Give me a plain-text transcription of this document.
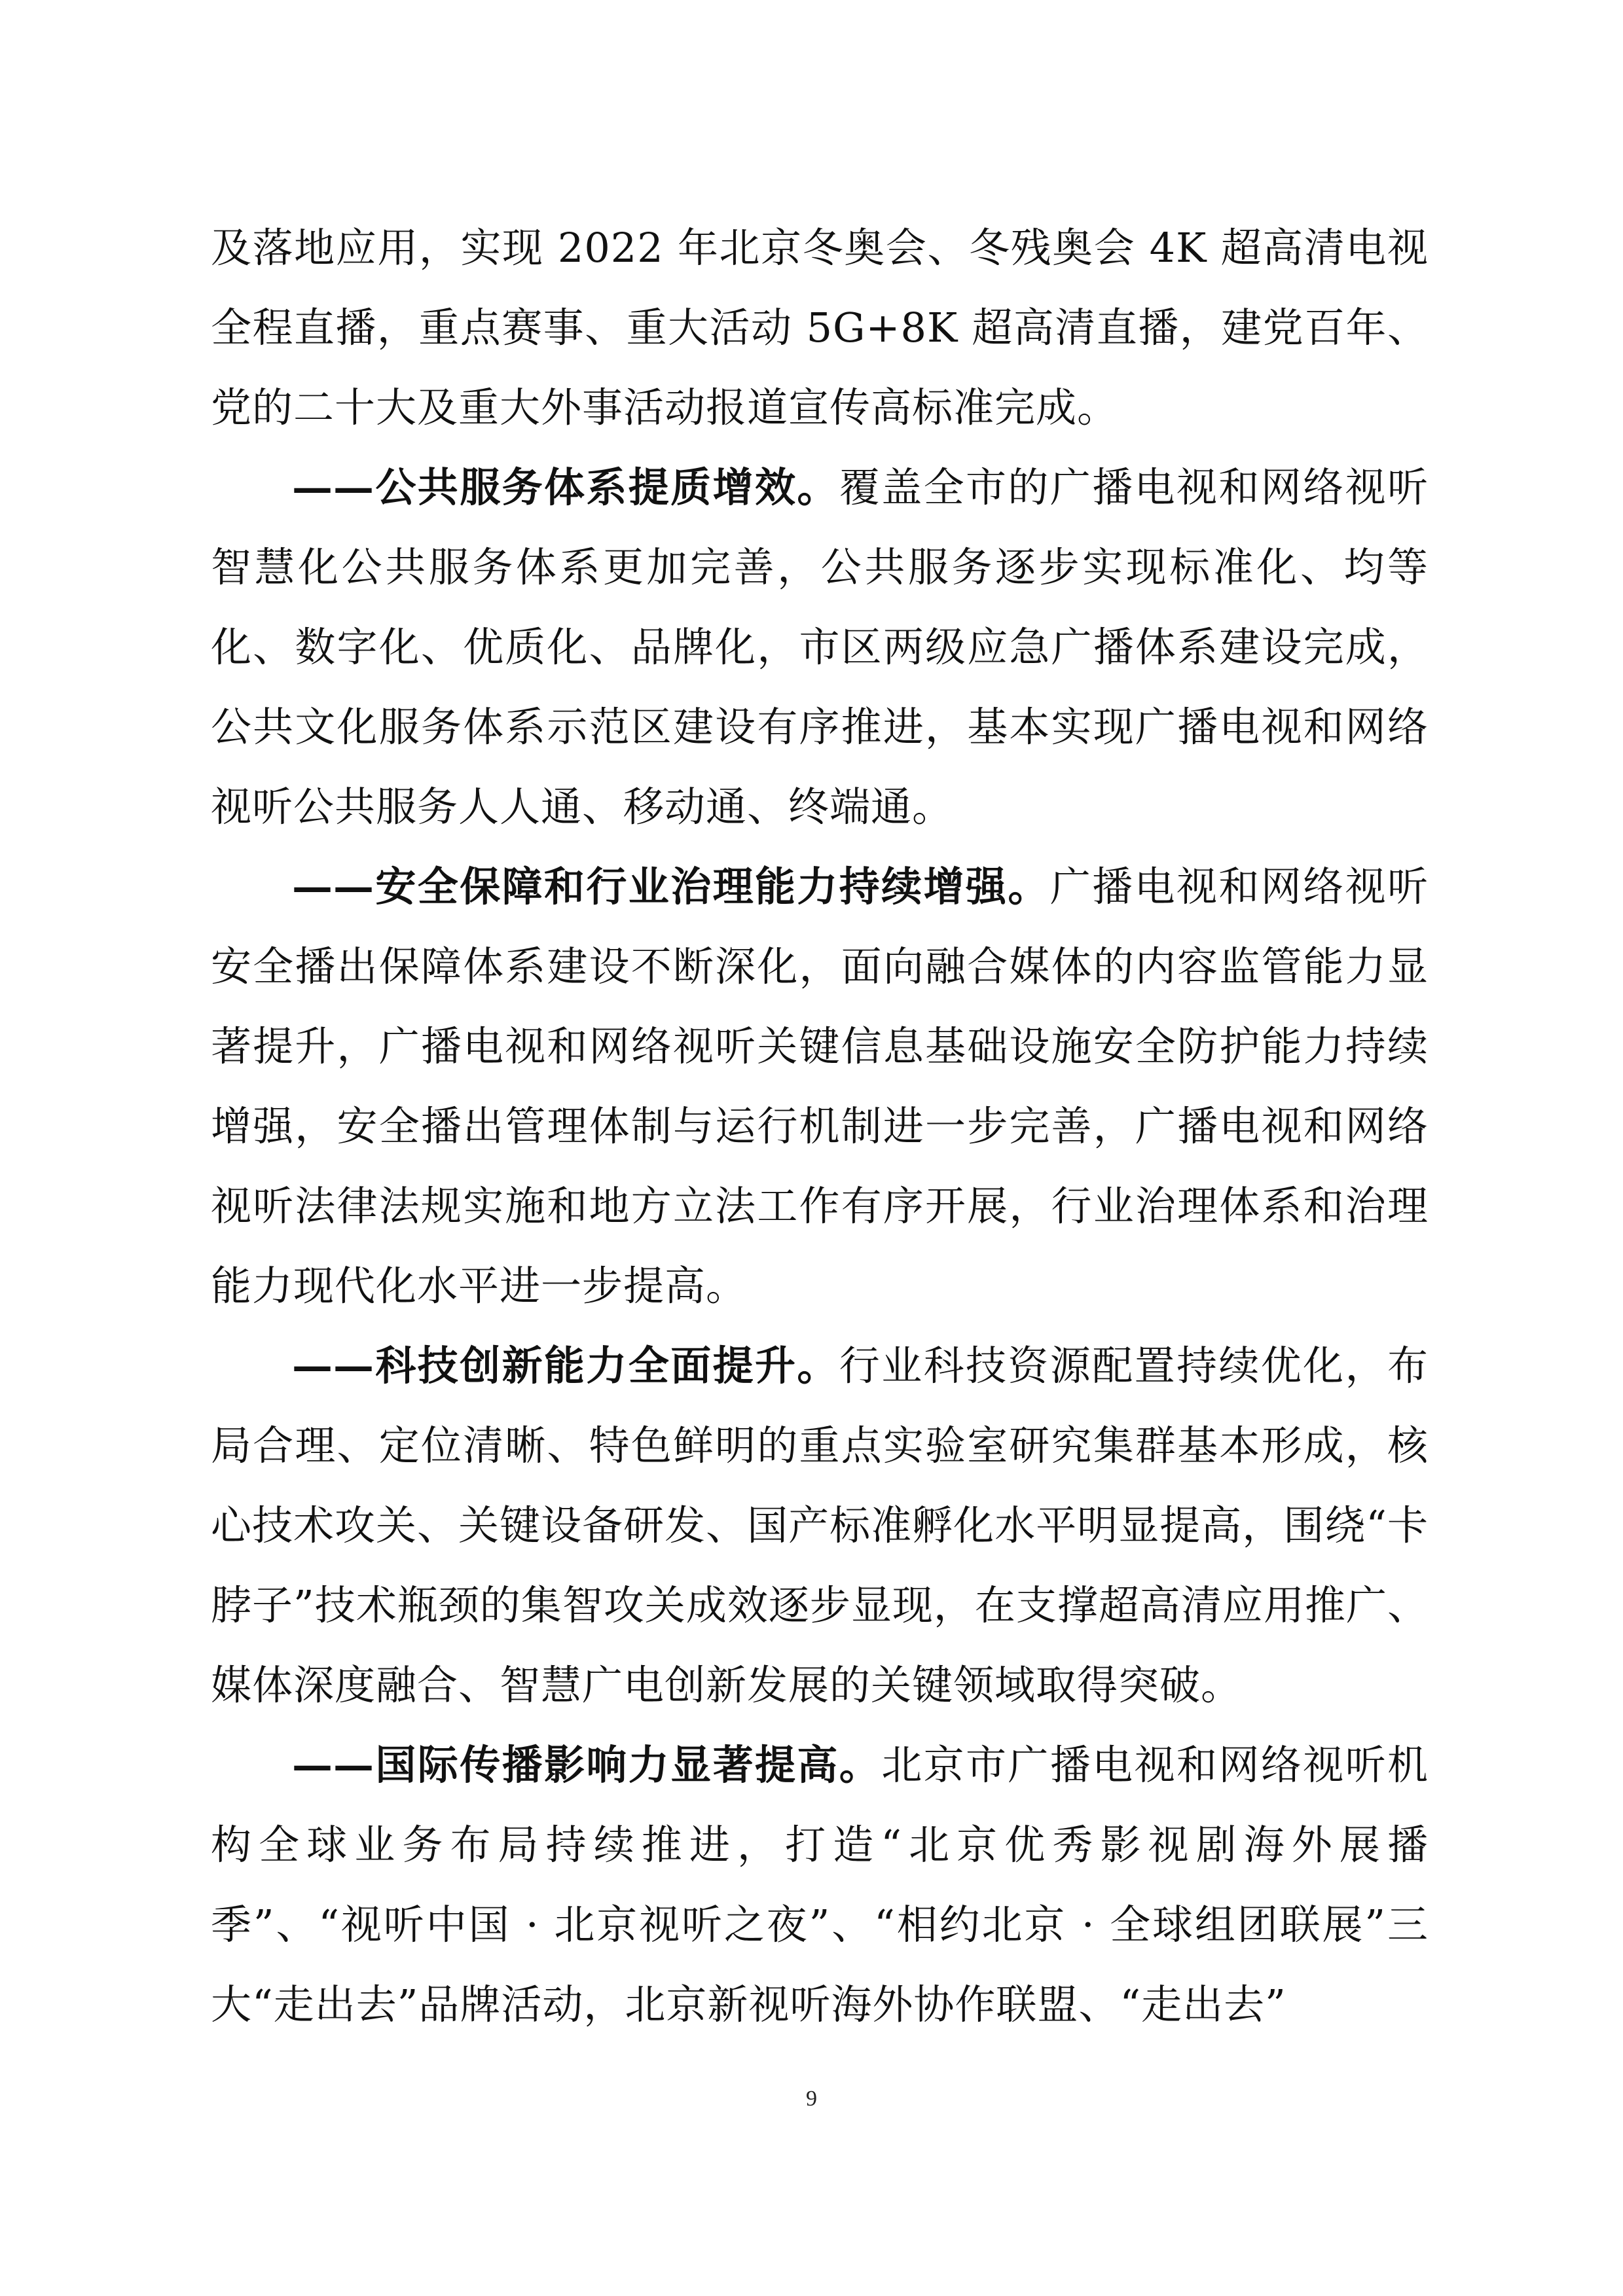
及落地应用，实现 2022 年北京冬奥会、冬残奥会 4K 超高清电视全程直播，重点赛事、重大活动 5G+8K 超高清直播，建党百年、党的二十大及重大外事活动报道宣传高标准完成。

——公共服务体系提质增效。覆盖全市的广播电视和网络视听智慧化公共服务体系更加完善，公共服务逐步实现标准化、均等化、数字化、优质化、品牌化，市区两级应急广播体系建设完成，公共文化服务体系示范区建设有序推进，基本实现广播电视和网络视听公共服务人人通、移动通、终端通。

——安全保障和行业治理能力持续增强。广播电视和网络视听安全播出保障体系建设不断深化，面向融合媒体的内容监管能力显著提升，广播电视和网络视听关键信息基础设施安全防护能力持续增强，安全播出管理体制与运行机制进一步完善，广播电视和网络视听法律法规实施和地方立法工作有序开展，行业治理体系和治理能力现代化水平进一步提高。

——科技创新能力全面提升。行业科技资源配置持续优化，布局合理、定位清晰、特色鲜明的重点实验室研究集群基本形成，核心技术攻关、关键设备研发、国产标准孵化水平明显提高，围绕“卡脖子”技术瓶颈的集智攻关成效逐步显现，在支撑超高清应用推广、媒体深度融合、智慧广电创新发展的关键领域取得突破。

——国际传播影响力显著提高。北京市广播电视和网络视听机构全球业务布局持续推进，打造“北京优秀影视剧海外展播季”、“视听中国 · 北京视听之夜”、“相约北京 · 全球组团联展”三大“走出去”品牌活动，北京新视听海外协作联盟、“走出去”

9
